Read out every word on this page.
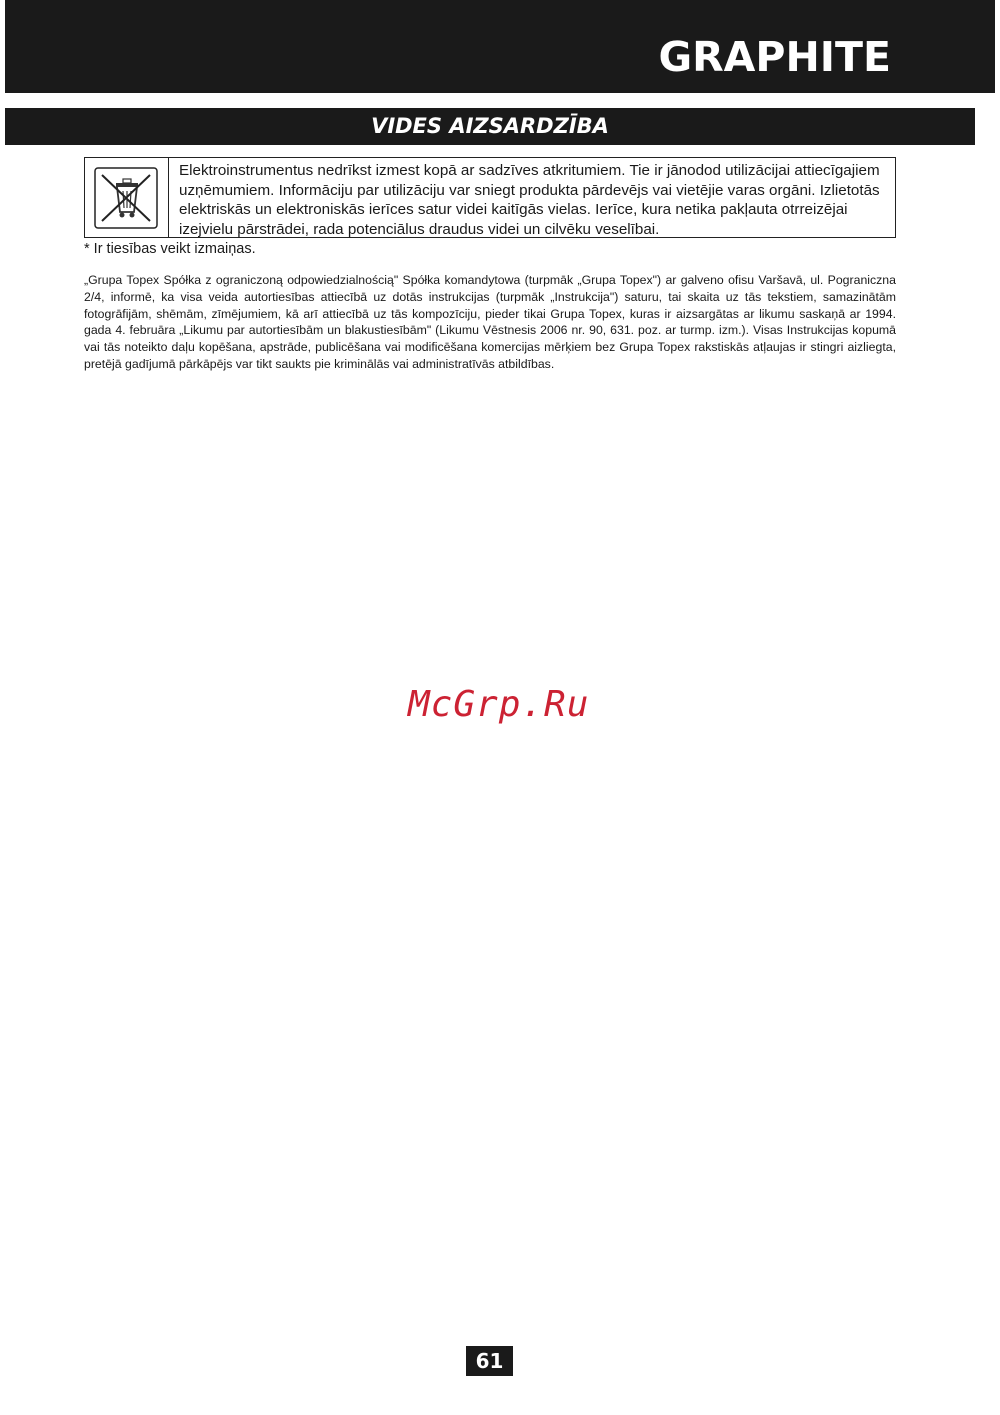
GRAPHITE
VIDES AIZSARDZĪBA
Elektroinstrumentus nedrīkst izmest kopā ar sadzīves atkritumiem. Tie ir jānodod utilizācijai attiecīgajiem uzņēmumiem. Informāciju par utilizāciju var sniegt produkta pārdevējs vai vietējie varas orgāni. Izlietotās elektriskās un elektroniskās ierīces satur videi kaitīgās vielas. Ierīce, kura netika pakļauta otrreizējai izejvielu pārstrādei, rada potenciālus draudus videi un cilvēku veselībai.
* Ir tiesības veikt izmaiņas.
„Grupa Topex Spółka z ograniczoną odpowiedzialnością" Spółka komandytowa (turpmāk „Grupa Topex") ar galveno ofisu Varšavā, ul. Pograniczna 2/4, informē, ka visa veida autortiesības attiecībā uz dotās instrukcijas (turpmāk „Instrukcija") saturu, tai skaita uz tās tekstiem, samazinātām fotogrāfijām, shēmām, zīmējumiem, kā arī attiecībā uz tās kompozīciju, pieder tikai Grupa Topex, kuras ir aizsargātas ar likumu saskaņā ar 1994. gada 4. februāra „Likumu par autortiesībām un blakustiesībām" (Likumu Vēstnesis 2006 nr. 90, 631. poz. ar turmp. izm.). Visas Instrukcijas kopumā vai tās noteikto daļu kopēšana, apstrāde, publicēšana vai modificēšana komercijas mērķiem bez Grupa Topex rakstiskās atļaujas ir stingri aizliegta, pretējā gadījumā pārkāpējs var tikt saukts pie kriminālās vai administratīvās atbildības.
McGrp.Ru
61
